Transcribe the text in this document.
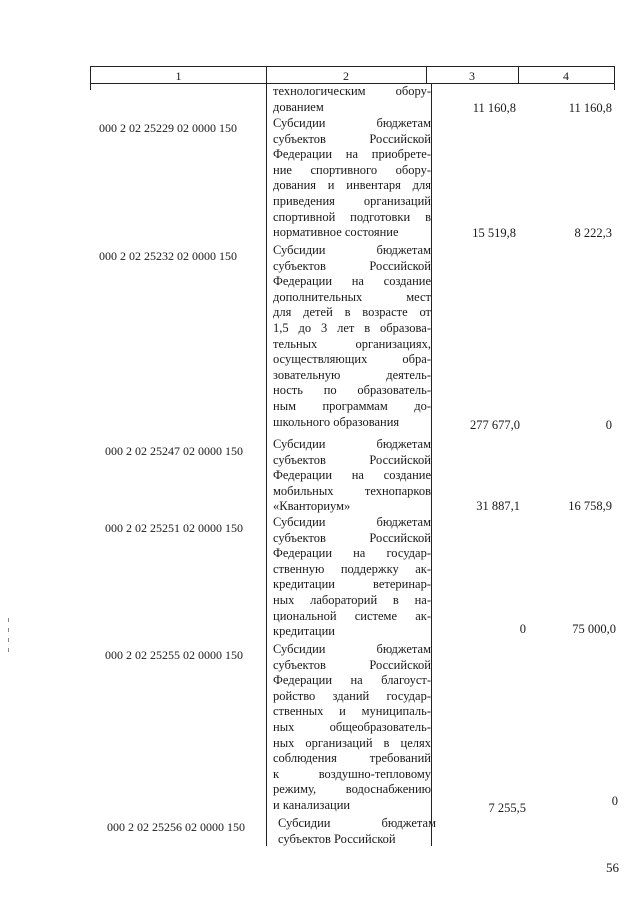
1	2	3	4
технологическим обору-
дованием	11 160,8	11 160,8
000 2 02 25229 02 0000 150	Субсидии бюджетам
субъектов Российской
Федерации на приобрете-
ние спортивного обору-
дования и инвентаря для
приведения организаций
спортивной подготовки в
нормативное состояние	15 519,8	8 222,3
000 2 02 25232 02 0000 150	Субсидии бюджетам
субъектов Российской
Федерации на создание
дополнительных мест
для детей в возрасте от
1,5 до 3 лет в образова-
тельных организациях,
осуществляющих обра-
зовательную деятель-
ность по образователь-
ным программам до-
школьного образования	277 677,0	0
000 2 02 25247 02 0000 150 Субсидии бюджетам
субъектов Российской
Федерации на создание
мобильных технопарков
«Кванториум»	31 887,1	16 758,9
000 2 02 25251 02 0000 150 Субсидии бюджетам
субъектов Российской
Федерации на государ-
ственную поддержку ак-
кредитации ветеринар-
ных лабораторий в на-
циональной системе ак-
кредитации	0	75 000,0
000 2 02 25255 02 0000 150 Субсидии бюджетам
субъектов Российской
Федерации на благоуст-
ройство зданий государ-
ственных и муниципаль-
ных общеобразователь-
ных организаций в целях
соблюдения требований
к воздушно-тепловому
режиму, водоснабжению
и канализации	7 255,5	0
000 2 02 25256 02 0000 150	Субсидии бюджетам
субъектов Российской
56
